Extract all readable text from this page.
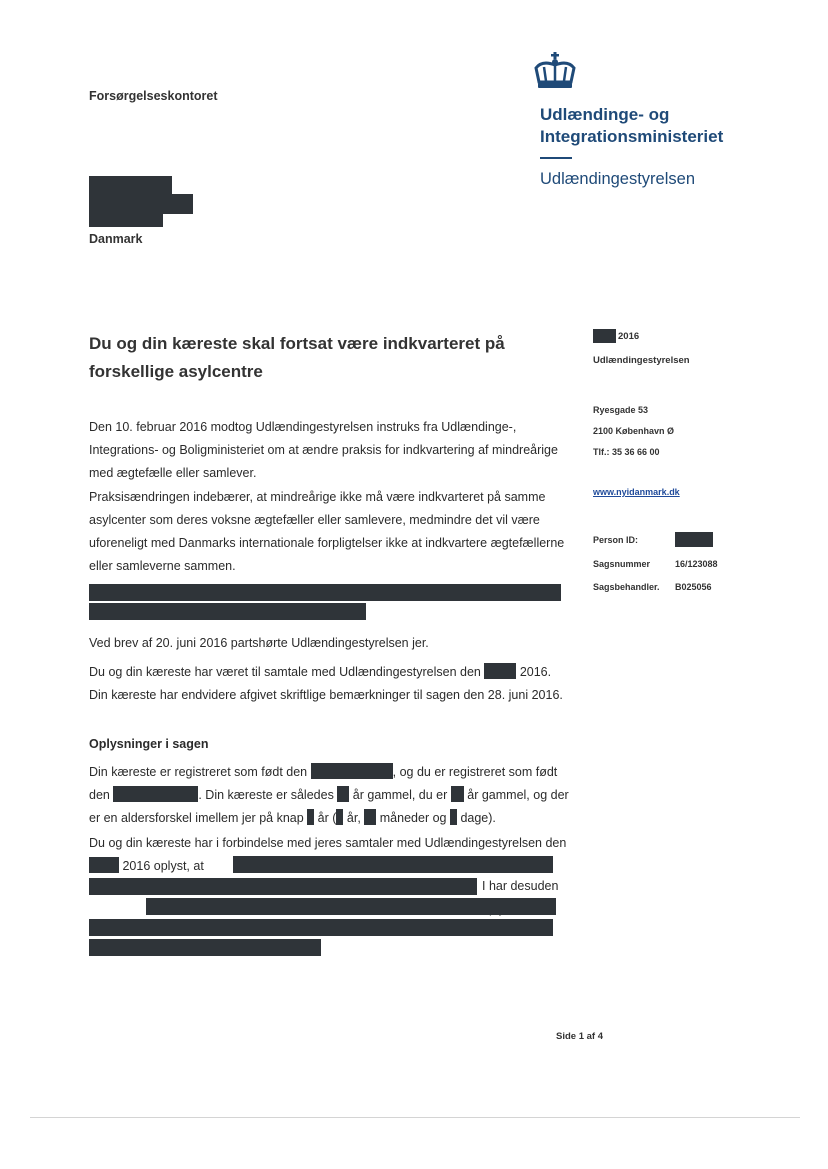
Forsørgelseskontoret
Udlændinge- og
Integrationsministeriet
Udlændingestyrelsen
Danmark
Du og din kæreste skal fortsat være indkvarteret på forskellige asylcentre
2016
Udlændingestyrelsen
Ryesgade 53
2100 København Ø
Tlf.: 35 36 66 00
www.nyidanmark.dk
Person ID:
Sagsnummer	16/123088
Sagsbehandler. B025056
Den 10. februar 2016 modtog Udlændingestyrelsen instruks fra Udlændinge-, Integrations- og Boligministeriet om at ændre praksis for indkvartering af mindreårige med ægtefælle eller samlever.
Praksisændringen indebærer, at mindreårige ikke må være indkvarteret på samme asylcenter som deres voksne ægtefæller eller samlevere, medmindre det vil være uforeneligt med Danmarks internationale forpligtelser ikke at indkvartere ægtefællerne eller samleverne sammen.
Ved brev af 20. juni 2016 partshørte Udlændingestyrelsen jer.
Du og din kæreste har været til samtale med Udlændingestyrelsen den	2016. Din kæreste har endvidere afgivet skriftlige bemærkninger til sagen den 28. juni 2016.
Oplysninger i sagen
Din kæreste er registreret som født den	, og du er registreret som født den	. Din kæreste er således år gammel, du er år gammel, og der er en aldersforskel imellem jer på knap år ( år, måneder og dage).
Du og din kæreste har i forbindelse med jeres samtaler med Udlændingestyrelsen den  2016 oplyst, at
I har desuden
Side 1 af 4
